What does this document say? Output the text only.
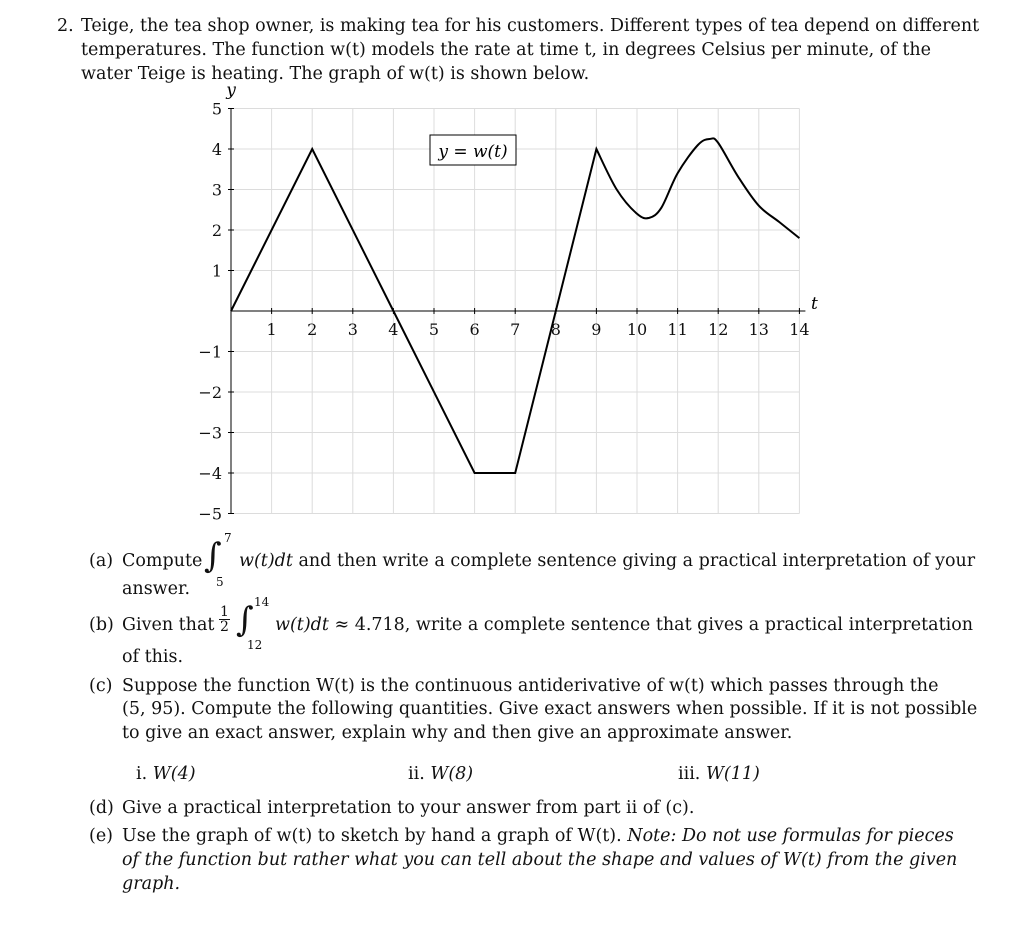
2. Teige, the tea shop owner, is making tea for his customers. Different types of tea depend on different
temperatures. The function w(t) models the rate at time t, in degrees Celsius per minute, of the
water Teige is heating. The graph of w(t) is shown below.
1 2 3 4 5 6 7 8 9 10 11 12 13 14
5
4
3
2
1
−1
−2
−3
−4
−5
y
t
y = w(t)
(a) Compute ∫ 7
5
w(t)dt and then write a complete sentence giving a practical interpretation of your
answer.
(b) Given that $\frac{1}{2}$ ∫ 14
12
w(t)dt ≈ 4.718, write a complete sentence that gives a practical interpretation
of this.
(c) Suppose the function W(t) is the continuous antiderivative of w(t) which passes through the
(5, 95). Compute the following quantities. Give exact answers when possible. If it is not possible
to give an exact answer, explain why and then give an approximate answer.
i. W(4)	ii. W(8)	iii. W(11)
(d) Give a practical interpretation to your answer from part ii of (c).
(e) Use the graph of w(t) to sketch by hand a graph of W(t). Note: Do not use formulas for pieces
of the function but rather what you can tell about the shape and values of W(t) from the given
graph.
